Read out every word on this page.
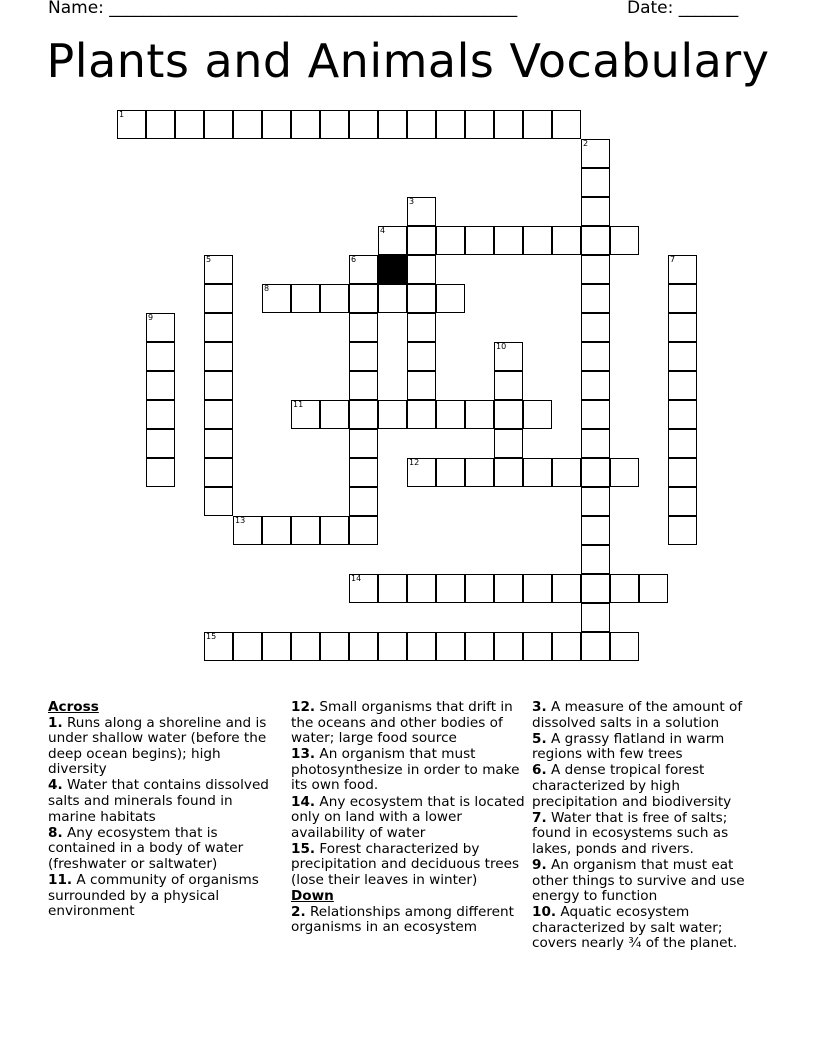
Name: ________________________________________________	Date: _______
Plants and Animals Vocabulary
1
2
3
4
5	6	7
8
9
10
11
12
13
14
15
Across
1. Runs along a shoreline and is under shallow water (before the deep ocean begins); high diversity
4. Water that contains dissolved salts and minerals found in marine habitats
8. Any ecosystem that is contained in a body of water (freshwater or saltwater)
11. A community of organisms surrounded by a physical environment
12. Small organisms that drift in the oceans and other bodies of water; large food source
13. An organism that must photosynthesize in order to make its own food.
14. Any ecosystem that is located only on land with a lower availability of water
15. Forest characterized by precipitation and deciduous trees (lose their leaves in winter)
Down
2. Relationships among different organisms in an ecosystem
3. A measure of the amount of dissolved salts in a solution
5. A grassy flatland in warm regions with few trees
6. A dense tropical forest characterized by high precipitation and biodiversity
7. Water that is free of salts; found in ecosystems such as lakes, ponds and rivers.
9. An organism that must eat other things to survive and use energy to function
10. Aquatic ecosystem characterized by salt water; covers nearly ¾ of the planet.
